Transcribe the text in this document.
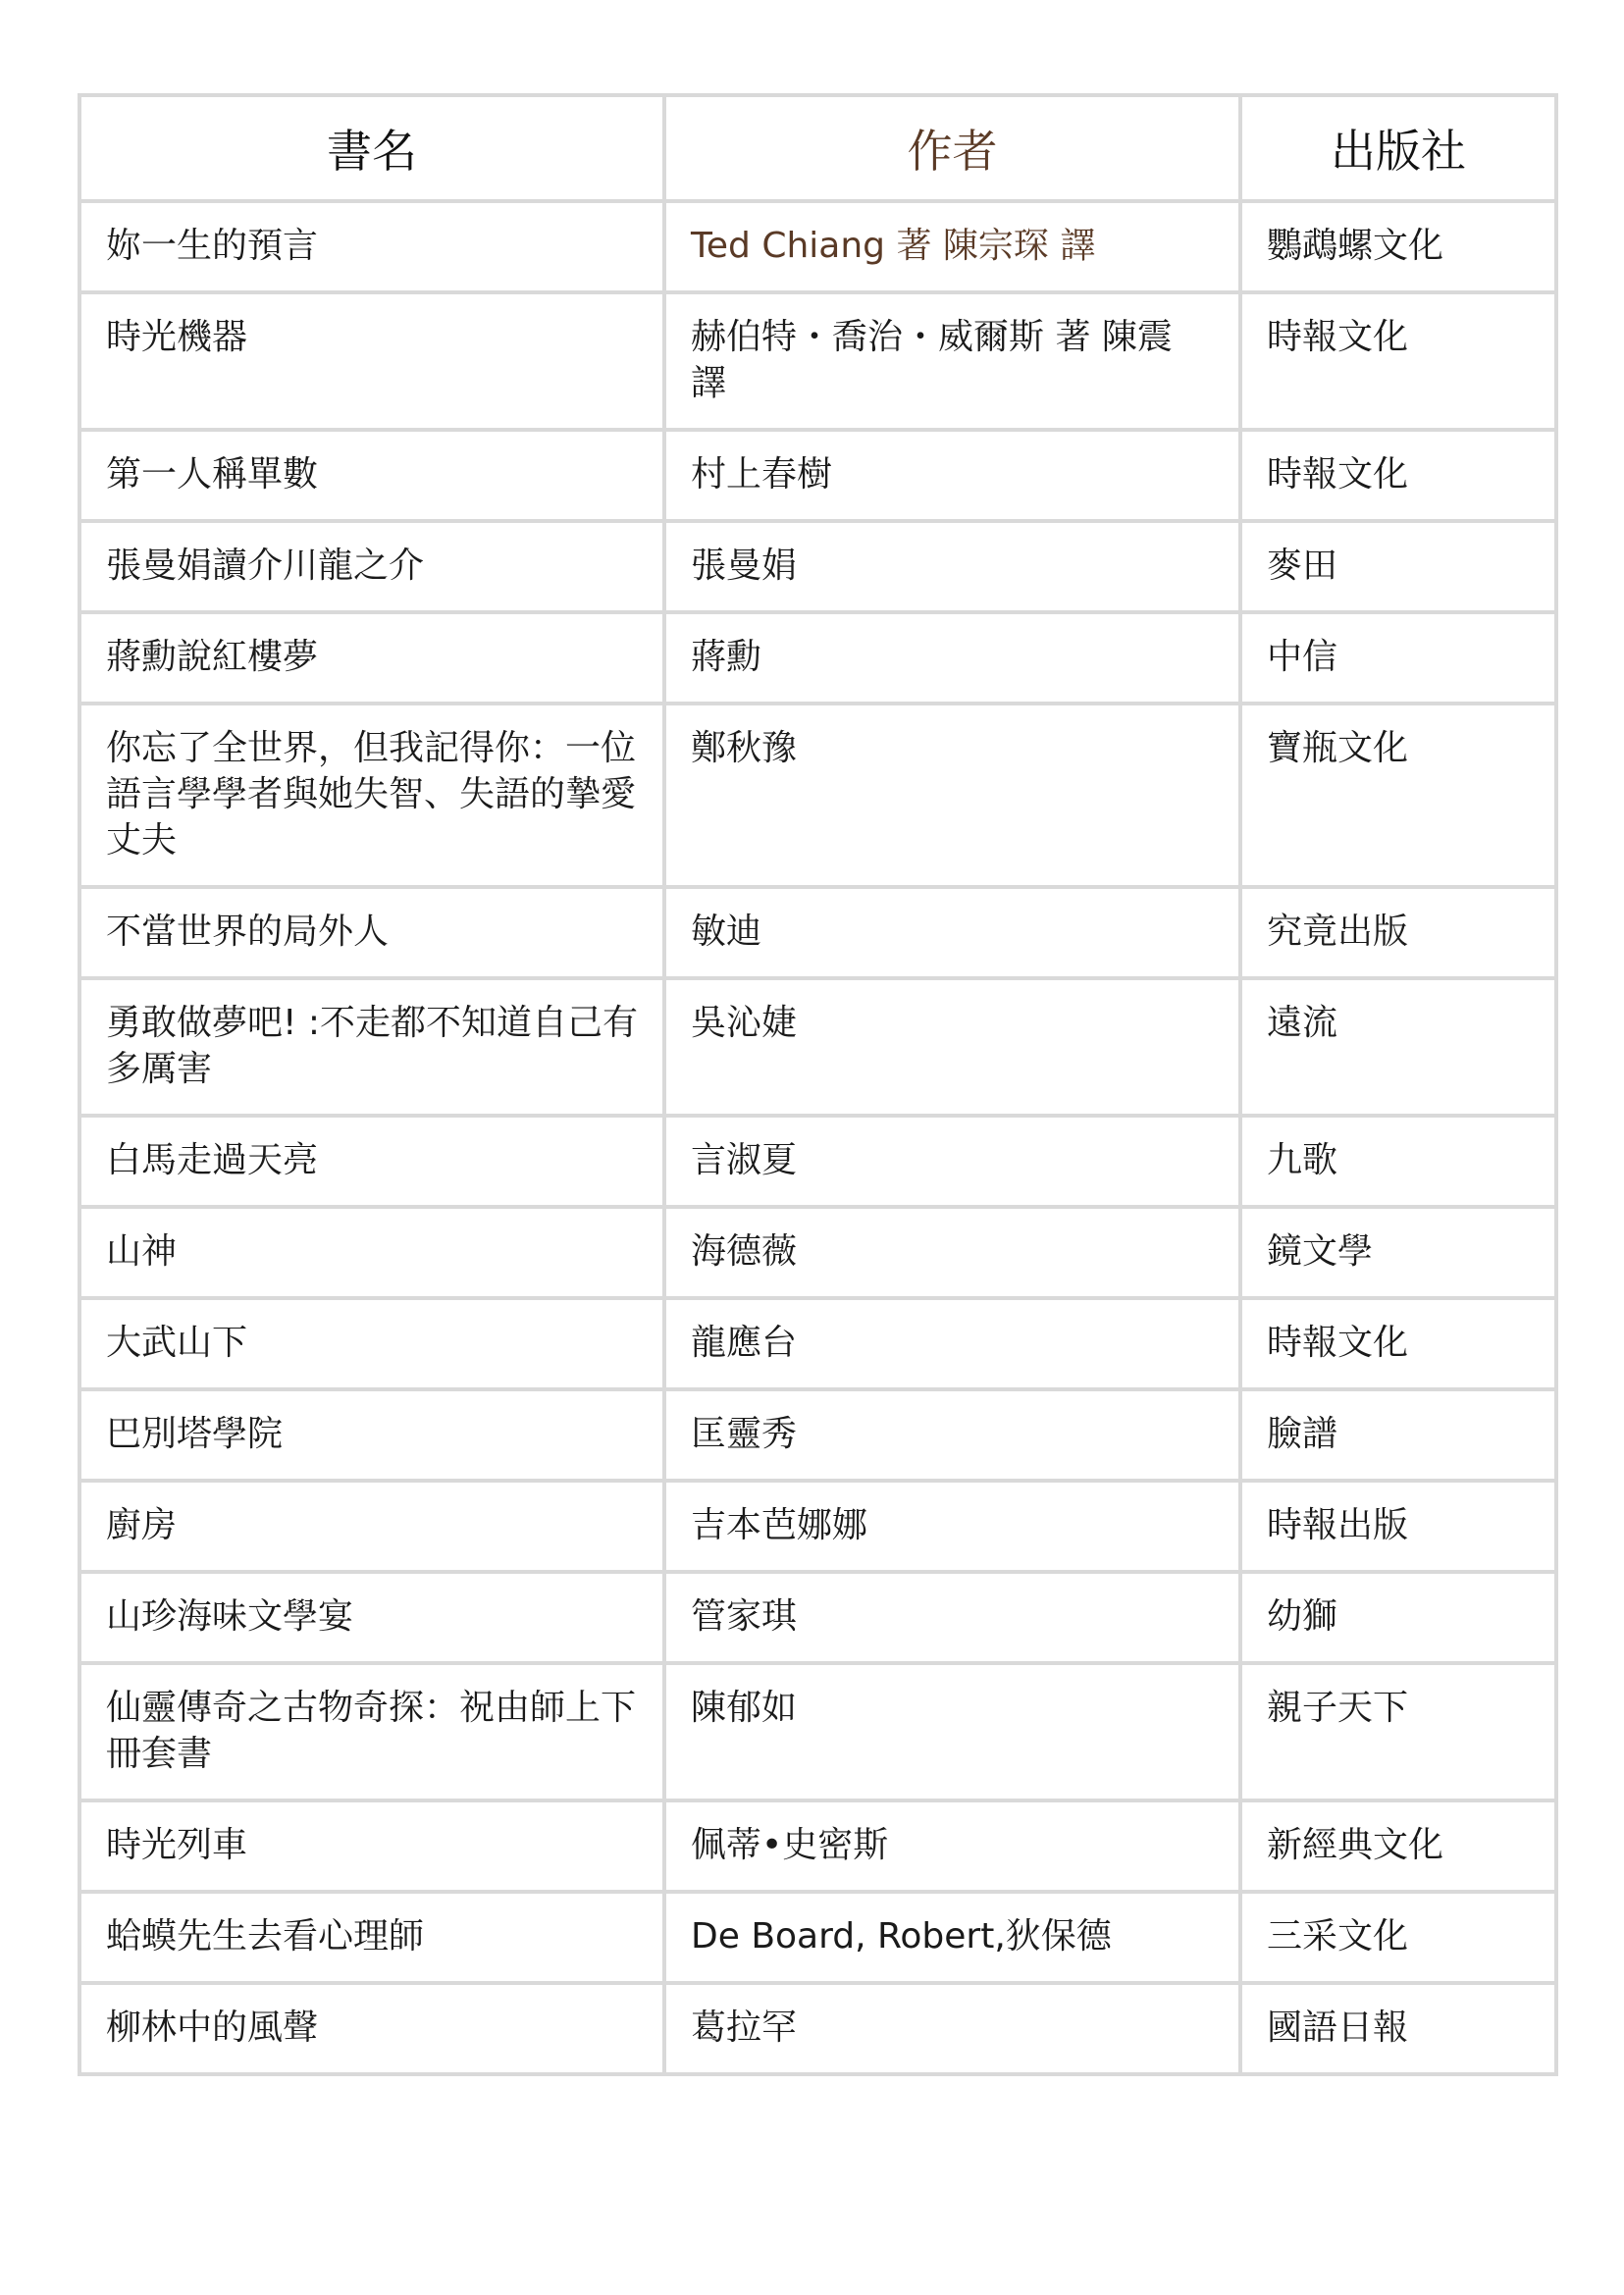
書名	作者	出版社
妳一生的預言	Ted Chiang 著 陳宗琛 譯	鸚鵡螺文化
時光機器	赫伯特・喬治・威爾斯 著 陳震 譯	時報文化
第一人稱單數	村上春樹	時報文化
張曼娟讀介川龍之介	張曼娟	麥田
蔣勳說紅樓夢	蔣勳	中信
你忘了全世界，但我記得你：一位語言學學者與她失智、失語的摯愛丈夫	鄭秋豫	寶瓶文化
不當世界的局外人	敏迪	究竟出版
勇敢做夢吧! :不走都不知道自己有多厲害	吳沁婕	遠流
白馬走過天亮	言淑夏	九歌
山神	海德薇	鏡文學
大武山下	龍應台	時報文化
巴別塔學院	匡靈秀	臉譜
廚房	吉本芭娜娜	時報出版
山珍海味文學宴	管家琪	幼獅
仙靈傳奇之古物奇探：祝由師上下冊套書	陳郁如	親子天下
時光列車	佩蒂•史密斯	新經典文化
蛤蟆先生去看心理師	De Board, Robert,狄保德	三采文化
柳林中的風聲	葛拉罕	國語日報
